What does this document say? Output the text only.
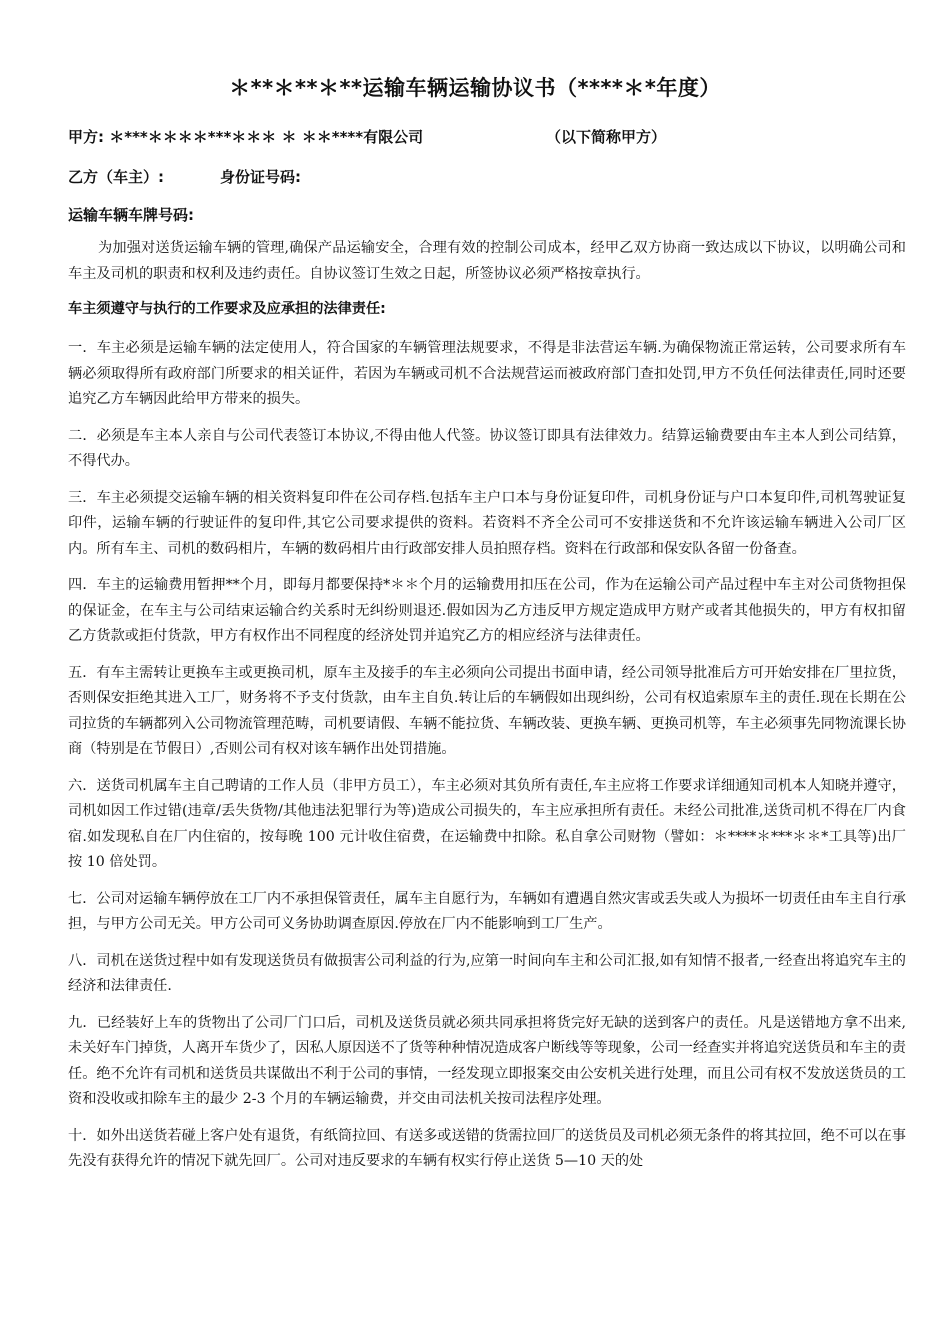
＊**＊**＊**运输车辆运输协议书（****＊*年度）
甲方: ＊***＊＊＊＊***＊＊＊ ＊ ＊＊****有限公司	（以下简称甲方）
乙方（车主）:	身份证号码:
运输车辆车牌号码:
为加强对送货运输车辆的管理,确保产品运输安全，合理有效的控制公司成本，经甲乙双方协商一致达成以下协议，以明确公司和车主及司机的职责和权利及违约责任。自协议签订生效之日起，所签协议必须严格按章执行。
车主须遵守与执行的工作要求及应承担的法律责任:

一．车主必须是运输车辆的法定使用人，符合国家的车辆管理法规要求，不得是非法营运车辆.为确保物流正常运转，公司要求所有车辆必须取得所有政府部门所要求的相关证件，若因为车辆或司机不合法规营运而被政府部门查扣处罚,甲方不负任何法律责任,同时还要追究乙方车辆因此给甲方带来的损失。

二．必须是车主本人亲自与公司代表签订本协议,不得由他人代签。协议签订即具有法律效力。结算运输费要由车主本人到公司结算，不得代办。

三．车主必须提交运输车辆的相关资料复印件在公司存档.包括车主户口本与身份证复印件，司机身份证与户口本复印件,司机驾驶证复印件，运输车辆的行驶证件的复印件,其它公司要求提供的资料。若资料不齐全公司可不安排送货和不允许该运输车辆进入公司厂区内。所有车主、司机的数码相片，车辆的数码相片由行政部安排人员拍照存档。资料在行政部和保安队各留一份备查。

四．车主的运输费用暂押**个月，即每月都要保持*＊＊个月的运输费用扣压在公司，作为在运输公司产品过程中车主对公司货物担保的保证金，在车主与公司结束运输合约关系时无纠纷则退还.假如因为乙方违反甲方规定造成甲方财产或者其他损失的，甲方有权扣留乙方货款或拒付货款，甲方有权作出不同程度的经济处罚并追究乙方的相应经济与法律责任。

五．有车主需转让更换车主或更换司机，原车主及接手的车主必须向公司提出书面申请，经公司领导批准后方可开始安排在厂里拉货，否则保安拒绝其进入工厂，财务将不予支付货款，由车主自负.转让后的车辆假如出现纠纷，公司有权追索原车主的责任.现在长期在公司拉货的车辆都列入公司物流管理范畴，司机要请假、车辆不能拉货、车辆改装、更换车辆、更换司机等，车主必须事先同物流课长协商（特别是在节假日）,否则公司有权对该车辆作出处罚措施。

六．送货司机属车主自己聘请的工作人员（非甲方员工），车主必须对其负所有责任,车主应将工作要求详细通知司机本人知晓并遵守，司机如因工作过错(违章/丢失货物/其他违法犯罪行为等)造成公司损失的，车主应承担所有责任。未经公司批准,送货司机不得在厂内食宿.如发现私自在厂内住宿的，按每晚 100 元计收住宿费，在运输费中扣除。私自拿公司财物（譬如：＊****＊***＊＊*工具等)出厂按 10 倍处罚。

七．公司对运输车辆停放在工厂内不承担保管责任，属车主自愿行为，车辆如有遭遇自然灾害或丢失或人为损坏一切责任由车主自行承担，与甲方公司无关。甲方公司可义务协助调查原因.停放在厂内不能影响到工厂生产。

八．司机在送货过程中如有发现送货员有做损害公司利益的行为,应第一时间向车主和公司汇报,如有知情不报者,一经查出将追究车主的经济和法律责任.

九．已经装好上车的货物出了公司厂门口后，司机及送货员就必须共同承担将货完好无缺的送到客户的责任。凡是送错地方拿不出来,未关好车门掉货，人离开车货少了，因私人原因送不了货等种种情况造成客户断线等等现象，公司一经查实并将追究送货员和车主的责任。绝不允许有司机和送货员共谋做出不利于公司的事情，一经发现立即报案交由公安机关进行处理，而且公司有权不发放送货员的工资和没收或扣除车主的最少 2-3 个月的车辆运输费，并交由司法机关按司法程序处理。

十．如外出送货若碰上客户处有退货，有纸筒拉回、有送多或送错的货需拉回厂的送货员及司机必须无条件的将其拉回，绝不可以在事先没有获得允许的情况下就先回厂。公司对违反要求的车辆有权实行停止送货 5—10 天的处
